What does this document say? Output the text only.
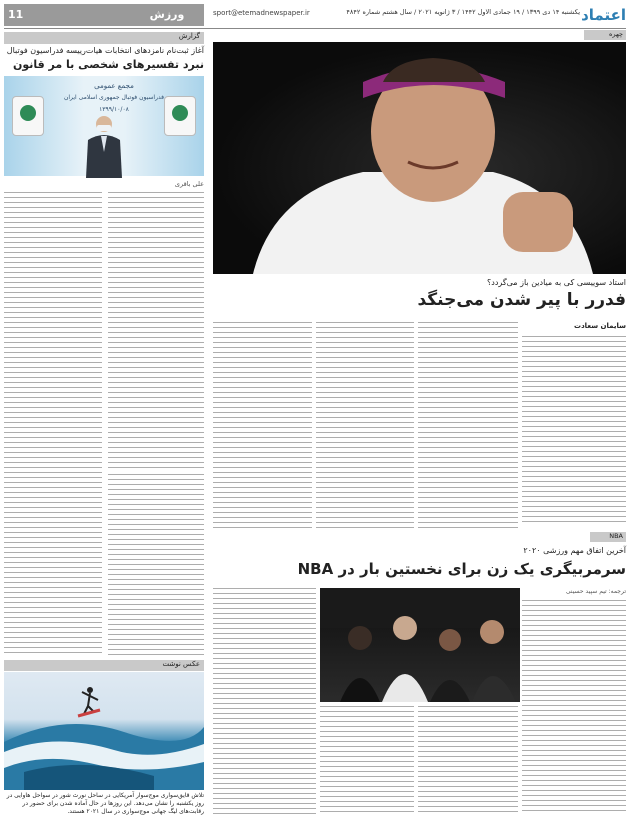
ورزش
11	sport@etemadnewspaper.ir	یکشنبه ۱۴ دی ۱۳۹۹ / ۱۹ جمادی الاول ۱۴۴۲ / ۳ ژانویه ۲۰۲۱ / سال هشتم شماره ۴۸۴۲ اعتماد
گزارش
آغاز ثبت‌نام نامزدهای انتخابات هیات‌رییسه فدراسیون فوتبال
نبرد تفسیرهای شخصی با مر قانون
مجمع عمومی
فدراسیون فوتبال جمهوری اسلامی ایران
۱۳۹۹/۱۰/۰۸
علی باقری
عکس نوشت
تلاش قایق‌سواری موج‌سوار آمریکایی در ساحل نورث شور در سواحل هاوایی در روز یکشنبه را نشان می‌دهد. این روزها در حال آماده شدن برای حضور در رقابت‌های لیگ جهانی موج‌سواری در سال ۲۰۲۱ هستند.
چهره
استاد سوییسی کی به میادین باز می‌گردد؟
فدرر با پیر شدن می‌جنگد
سایمان سعادت
NBA
آخرین اتفاق مهم ورزشی ۲۰۲۰
سرمربیگری یک زن برای نخستین بار در NBA
ترجمه: تیم سپید حسینی
